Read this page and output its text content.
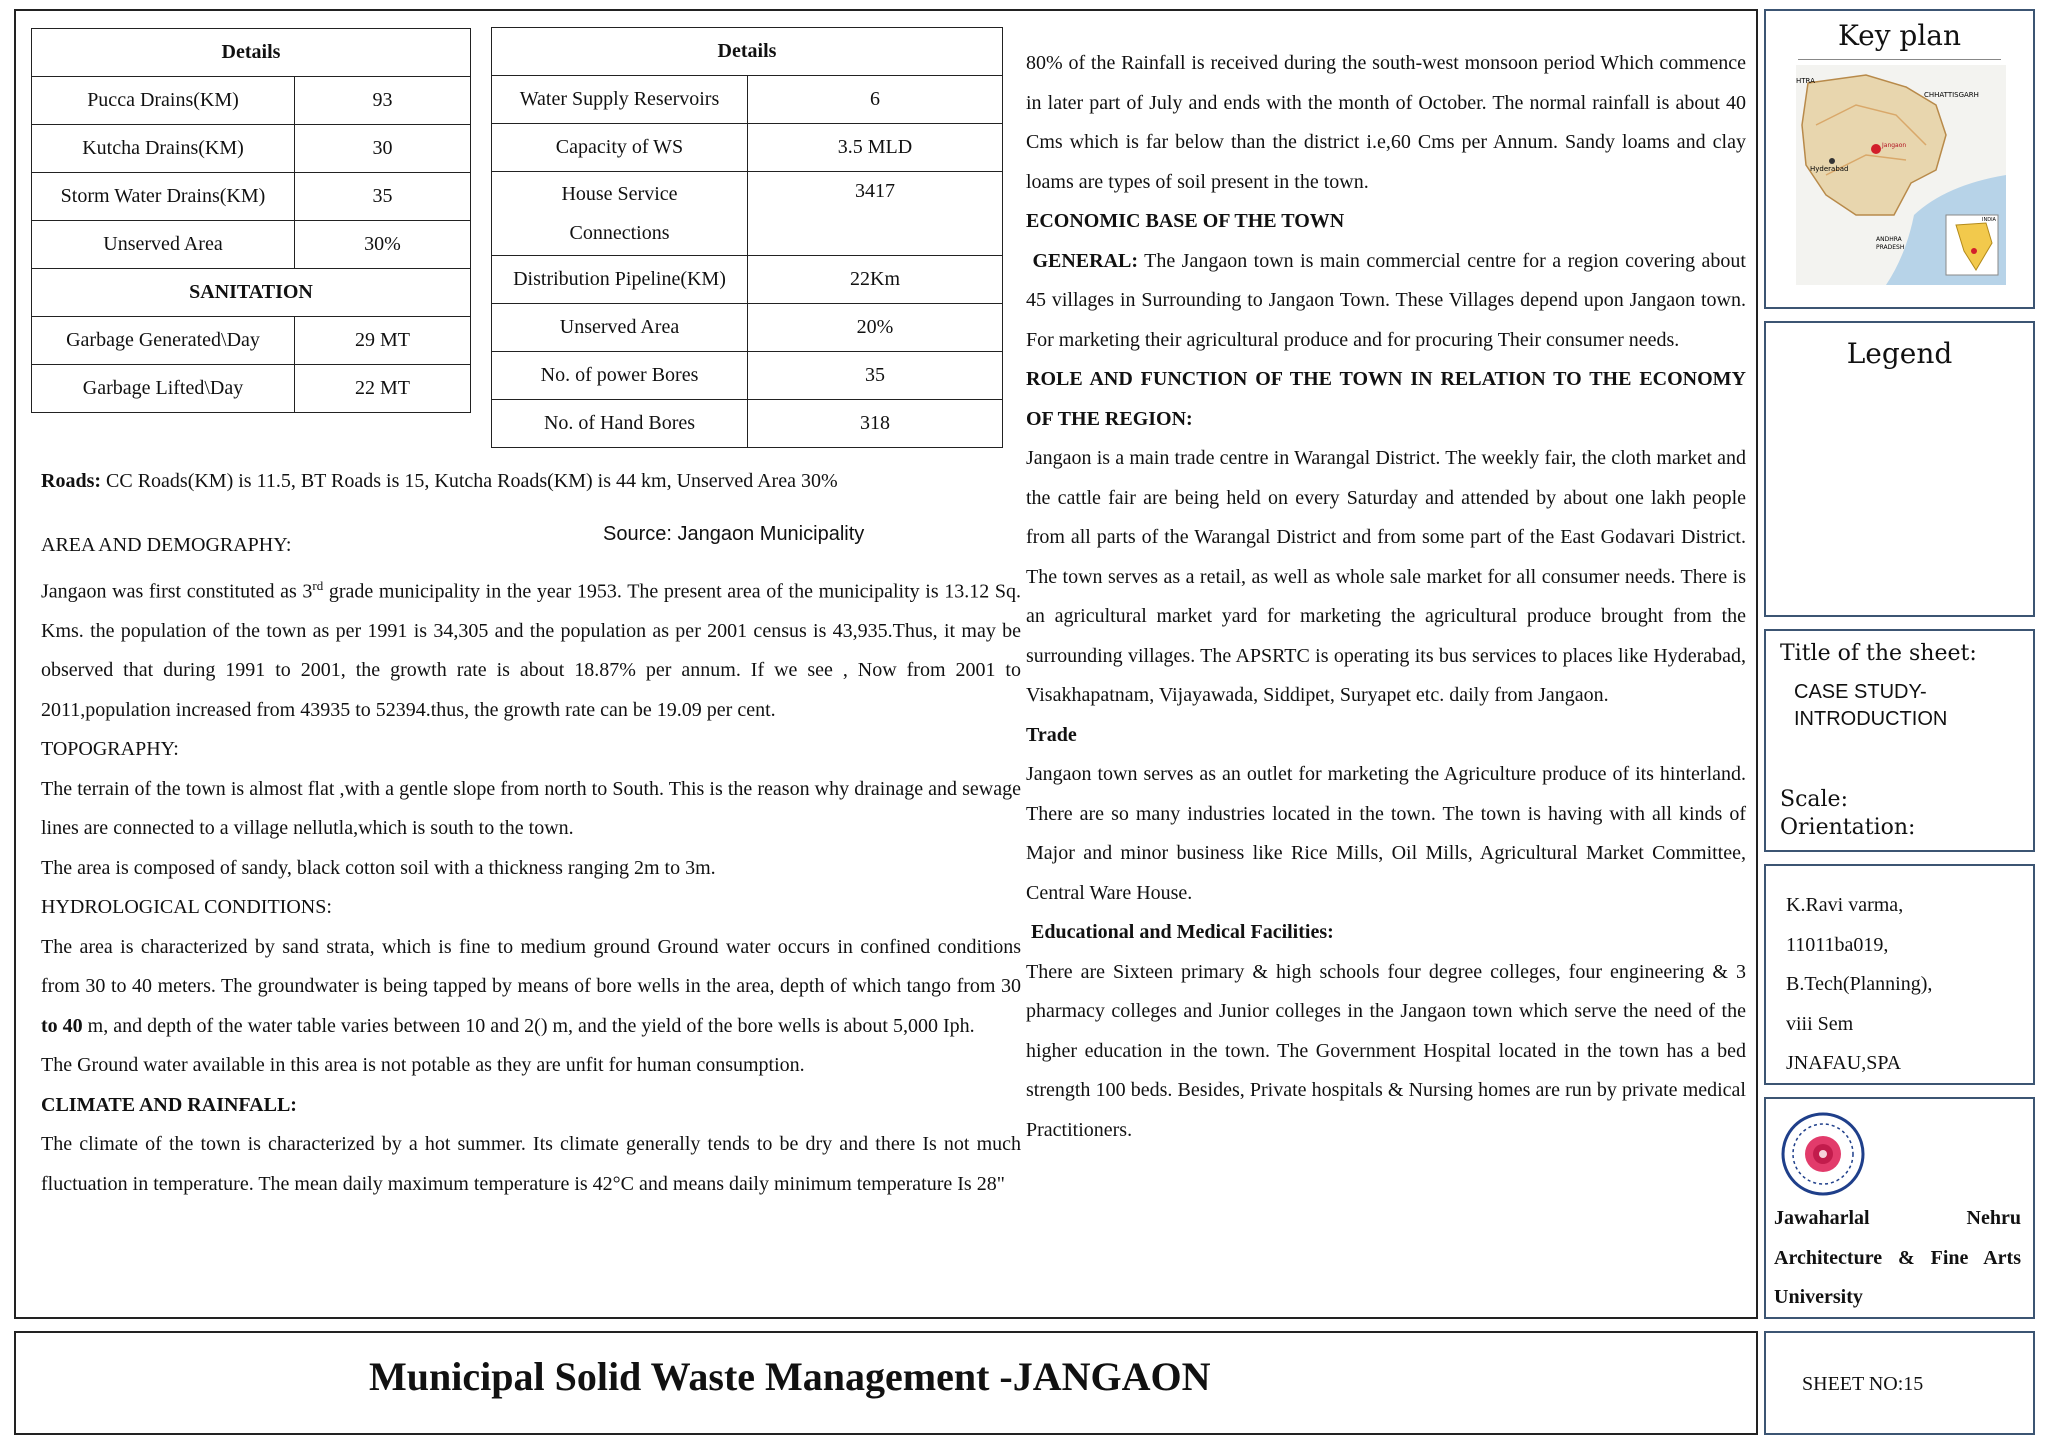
Details	
Pucca Drains(KM)	93
Kutcha Drains(KM)	30
Storm Water Drains(KM)	35
Unserved Area	30%
SANITATION	
Garbage Generated\Day	29 MT
Garbage Lifted\Day	22 MT
Details	
Water Supply Reservoirs	6
Capacity of WS	3.5 MLD
House Service Connections	3417
Distribution Pipeline(KM)	22Km
Unserved Area	20%
No. of power Bores	35
No. of Hand Bores	318
Roads: CC Roads(KM) is 11.5, BT Roads is 15, Kutcha Roads(KM) is 44 km, Unserved Area 30%
Source: Jangaon Municipality

AREA AND DEMOGRAPHY:

Jangaon was first constituted as 3rd grade municipality in the year 1953. The present area of the municipality is 13.12 Sq. Kms. the population of the town as per 1991 is 34,305 and the population as per 2001 census is 43,935.Thus, it may be observed that during 1991 to 2001, the growth rate is about 18.87% per annum. If we see , Now from 2001 to 2011,population increased from 43935 to 52394.thus, the growth rate can be 19.09 per cent.

TOPOGRAPHY:

The terrain of the town is almost flat ,with a gentle slope from north to South. This is the reason why drainage and sewage lines are connected to a village nellutla,which is south to the town.

The area is composed of sandy, black cotton soil with a thickness ranging 2m to 3m.

HYDROLOGICAL CONDITIONS:

The area is characterized by sand strata, which is fine to medium ground Ground water occurs in confined conditions from 30 to 40 meters. The groundwater is being tapped by means of bore wells in the area, depth of which tango from 30 to 40 m, and depth of the water table varies between 10 and 2() m, and the yield of the bore wells is about 5,000 Iph.

The Ground water available in this area is not potable as they are unfit for human consumption.

CLIMATE AND RAINFALL:

The climate of the town is characterized by a hot summer. Its climate generally tends to be dry and there Is not much fluctuation in temperature. The mean daily maximum temperature is 42°C and means daily minimum temperature Is 28"

80% of the Rainfall is received during the south-west monsoon period Which commence in later part of July and ends with the month of October. The normal rainfall is about 40 Cms which is far below than the district i.e,60 Cms per Annum. Sandy loams and clay loams are types of soil present in the town.

ECONOMIC BASE OF THE TOWN

GENERAL: The Jangaon town is main commercial centre for a region covering about 45 villages in Surrounding to Jangaon Town. These Villages depend upon Jangaon town. For marketing their agricultural produce and for procuring Their consumer needs.

ROLE AND FUNCTION OF THE TOWN IN RELATION TO THE ECONOMY OF THE REGION:

Jangaon is a main trade centre in Warangal District. The weekly fair, the cloth market and the cattle fair are being held on every Saturday and attended by about one lakh people from all parts of the Warangal District and from some part of the East Godavari District. The town serves as a retail, as well as whole sale market for all consumer needs. There is an agricultural market yard for marketing the agricultural produce brought from the surrounding villages. The APSRTC is operating its bus services to places like Hyderabad, Visakhapatnam, Vijayawada, Siddipet, Suryapet etc. daily from Jangaon.

Trade

Jangaon town serves as an outlet for marketing the Agriculture produce of its hinterland. There are so many industries located in the town. The town is having with all kinds of Major and minor business like Rice Mills, Oil Mills, Agricultural Market Committee, Central Ware House.

Educational and Medical Facilities:

There are Sixteen primary & high schools four degree colleges, four engineering & 3 pharmacy colleges and Junior colleges in the Jangaon town which serve the need of the higher education in the town. The Government Hospital located in the town has a bed strength 100 beds. Besides, Private hospitals & Nursing homes are run by private medical Practitioners.

Key plan
HTRA
CHHATTISGARH
Hyderabad
Jangaon
ANDHRA
PRADESH
INDIA
Legend
Title of the sheet:
CASE STUDY-
INTRODUCTION
Scale:
Orientation:
K.Ravi varma,
11011ba019,
B.Tech(Planning),
viii Sem
JNAFAU,SPA
Jawaharlal Nehru Architecture & Fine Arts University
SHEET NO:15
Municipal Solid Waste Management -JANGAON
